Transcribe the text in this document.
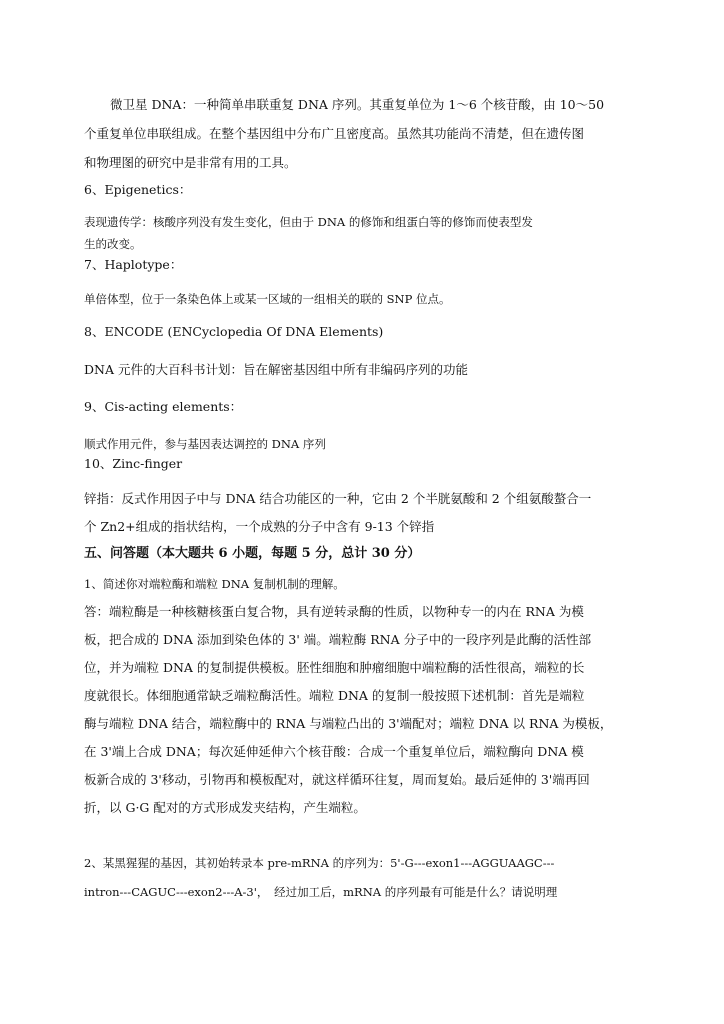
微卫星 DNA：一种简单串联重复 DNA 序列。其重复单位为 1～6 个核苷酸，由 10～50
个重复单位串联组成。在整个基因组中分布广且密度高。虽然其功能尚不清楚，但在遗传图
和物理图的研究中是非常有用的工具。
6、Epigenetics：
表现遗传学：核酸序列没有发生变化，但由于 DNA 的修饰和组蛋白等的修饰而使表型发
生的改变。
7、Haplotype：
单倍体型，位于一条染色体上或某一区域的一组相关的联的 SNP 位点。
8、ENCODE (ENCyclopedia Of DNA Elements)
DNA 元件的大百科书计划：旨在解密基因组中所有非编码序列的功能
9、Cis-acting elements：
顺式作用元件，参与基因表达调控的 DNA 序列
10、Zinc-finger
锌指：反式作用因子中与 DNA 结合功能区的一种，它由 2 个半胱氨酸和 2 个组氨酸螯合一
个 Zn2+组成的指状结构，一个成熟的分子中含有 9-13 个锌指
五、问答题（本大题共 6 小题，每题 5 分，总计 30 分）
1、简述你对端粒酶和端粒 DNA 复制机制的理解。
答：端粒酶是一种核糖核蛋白复合物，具有逆转录酶的性质，以物种专一的内在 RNA 为模
板，把合成的 DNA 添加到染色体的 3' 端。端粒酶 RNA 分子中的一段序列是此酶的活性部
位，并为端粒 DNA 的复制提供模板。胚性细胞和肿瘤细胞中端粒酶的活性很高，端粒的长
度就很长。体细胞通常缺乏端粒酶活性。端粒 DNA 的复制一般按照下述机制：首先是端粒
酶与端粒 DNA 结合，端粒酶中的 RNA 与端粒凸出的 3'端配对；端粒 DNA 以 RNA 为模板，
在 3'端上合成 DNA；每次延伸延伸六个核苷酸：合成一个重复单位后，端粒酶向 DNA 模
板新合成的 3'移动，引物再和模板配对，就这样循环往复，周而复始。最后延伸的 3'端再回
折，以 G·G 配对的方式形成发夹结构，产生端粒。
2、某黑猩猩的基因，其初始转录本 pre-mRNA 的序列为：5'-G---exon1---AGGUAAGC---
intron---CAGUC---exon2---A-3'，　经过加工后，mRNA 的序列最有可能是什么？请说明理
